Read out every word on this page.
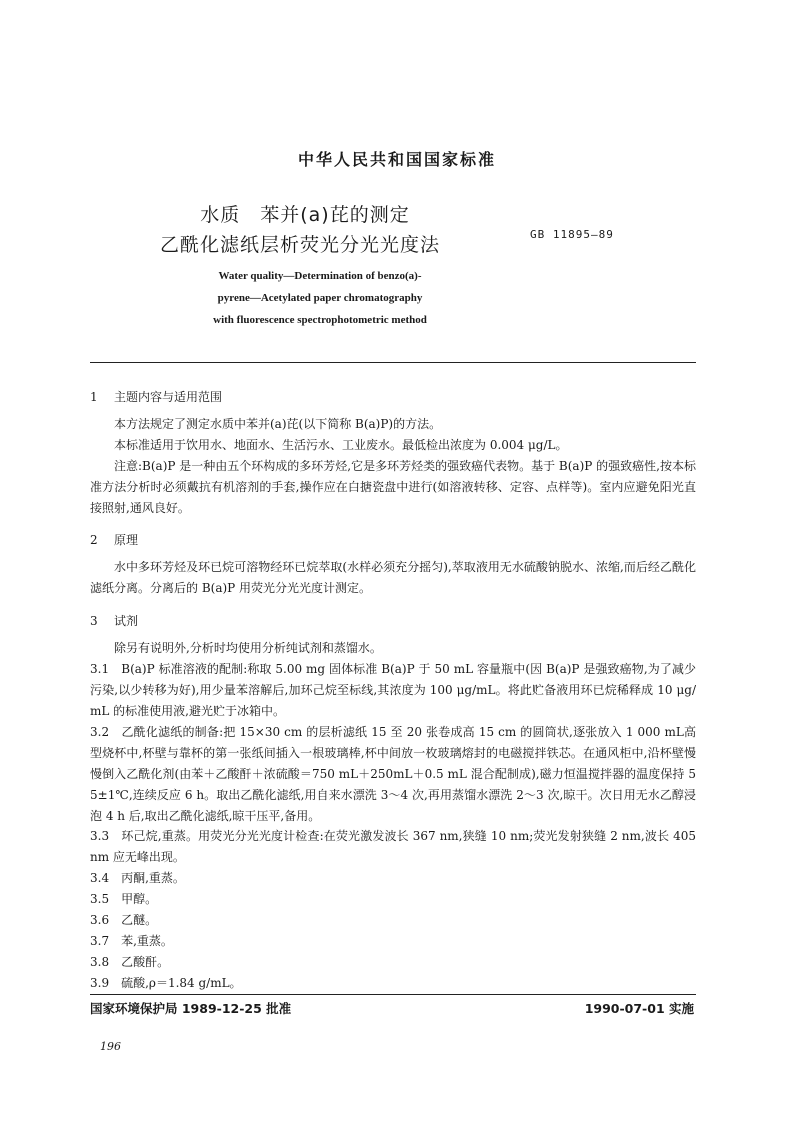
中华人民共和国国家标准
水质　苯并(a)芘的测定
乙酰化滤纸层析荧光分光光度法	GB 11895—89
Water quality—Determination of benzo(a)-
pyrene—Acetylated paper chromatography
with fluorescence spectrophotometric method
1 主题内容与适用范围
本方法规定了测定水质中苯并(a)芘(以下简称 B(a)P)的方法。
本标准适用于饮用水、地面水、生活污水、工业废水。最低检出浓度为 0.004 μg/L。
注意:B(a)P 是一种由五个环构成的多环芳烃,它是多环芳烃类的强致癌代表物。基于 B(a)P 的强致癌性,按本标准方法分析时必须戴抗有机溶剂的手套,操作应在白搪瓷盘中进行(如溶液转移、定容、点样等)。室内应避免阳光直接照射,通风良好。
2 原理
水中多环芳烃及环已烷可溶物经环已烷萃取(水样必须充分摇匀),萃取液用无水硫酸钠脱水、浓缩,而后经乙酰化滤纸分离。分离后的 B(a)P 用荧光分光光度计测定。
3 试剂
除另有说明外,分析时均使用分析纯试剂和蒸馏水。
3.1　B(a)P 标准溶液的配制:称取 5.00 mg 固体标准 B(a)P 于 50 mL 容量瓶中(因 B(a)P 是强致癌物,为了减少污染,以少转移为好),用少量苯溶解后,加环己烷至标线,其浓度为 100 μg/mL。将此贮备液用环已烷稀释成 10 μg/mL 的标准使用液,避光贮于冰箱中。
3.2　乙酰化滤纸的制备:把 15×30 cm 的层析滤纸 15 至 20 张卷成高 15 cm 的圆筒状,逐张放入 1 000 mL高型烧杯中,杯壁与靠杯的第一张纸间插入一根玻璃棒,杯中间放一枚玻璃熔封的电磁搅拌铁芯。在通风柜中,沿杯壁慢慢倒入乙酰化剂(由苯＋乙酸酐＋浓硫酸＝750 mL＋250mL＋0.5 mL 混合配制成),磁力恒温搅拌器的温度保持 55±1℃,连续反应 6 h。取出乙酰化滤纸,用自来水漂洗 3～4 次,再用蒸馏水漂洗 2～3 次,晾干。次日用无水乙醇浸泡 4 h 后,取出乙酰化滤纸,晾干压平,备用。
3.3　环己烷,重蒸。用荧光分光光度计检查:在荧光激发波长 367 nm,狭缝 10 nm;荧光发射狭缝 2 nm,波长 405 nm 应无峰出现。
3.4　丙酮,重蒸。
3.5　甲醇。
3.6　乙醚。
3.7　苯,重蒸。
3.8　乙酸酐。
3.9　硫酸,ρ＝1.84 g/mL。
国家环境保护局 1989-12-25 批准	1990-07-01 实施
196
